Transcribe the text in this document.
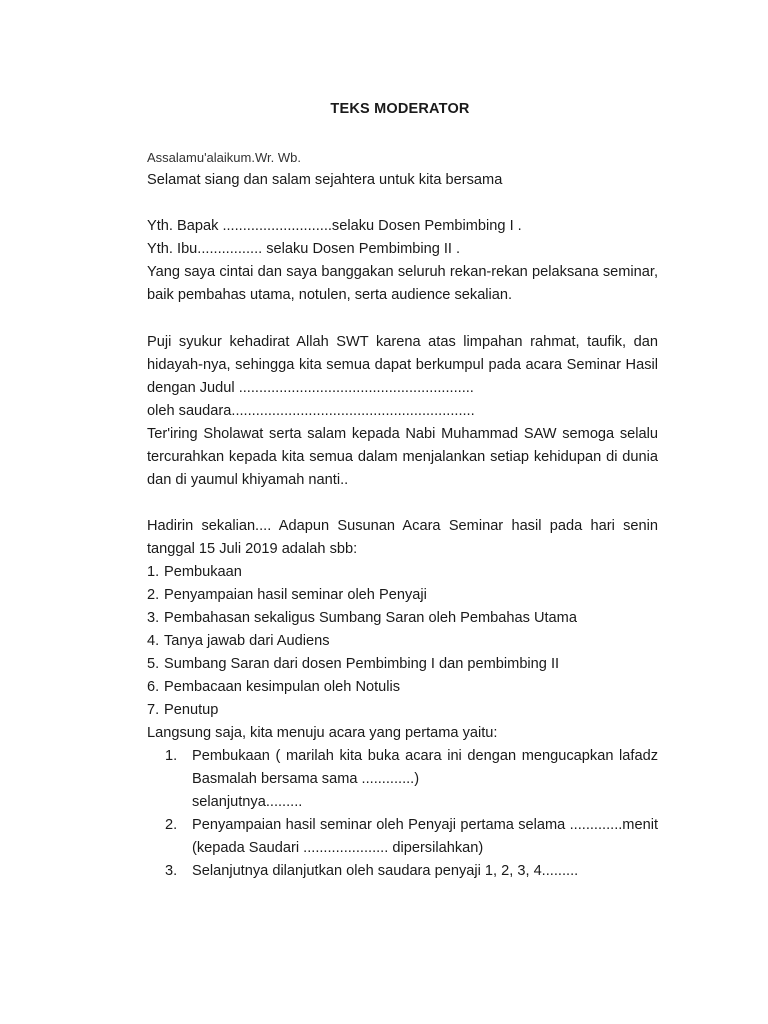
TEKS MODERATOR
Assalamu'alaikum.Wr. Wb.
Selamat siang dan salam sejahtera untuk kita bersama
Yth. Bapak ...........................selaku Dosen Pembimbing I .
Yth. Ibu................ selaku Dosen Pembimbing II .
Yang saya cintai dan saya banggakan seluruh rekan-rekan pelaksana seminar,
baik pembahas utama, notulen, serta audience sekalian.
Puji syukur kehadirat Allah SWT karena atas limpahan rahmat, taufik, dan
hidayah-nya, sehingga kita semua dapat berkumpul pada acara Seminar Hasil
dengan Judul ..........................................................
oleh saudara............................................................
Ter'iring Sholawat serta salam kepada Nabi Muhammad SAW semoga selalu
tercurahkan kepada kita semua dalam menjalankan setiap kehidupan di dunia
dan di yaumul khiyamah nanti..
Hadirin sekalian.... Adapun Susunan Acara Seminar hasil pada hari senin
tanggal 15 Juli 2019 adalah sbb:
1. Pembukaan
2. Penyampaian hasil seminar oleh Penyaji
3. Pembahasan sekaligus Sumbang Saran oleh Pembahas Utama
4. Tanya jawab dari Audiens
5. Sumbang Saran dari dosen Pembimbing I dan pembimbing II
6. Pembacaan kesimpulan oleh Notulis
7. Penutup
Langsung saja, kita menuju acara yang pertama yaitu:
1. Pembukaan ( marilah kita buka acara ini dengan mengucapkan lafadz
Basmalah bersama sama .............)
selanjutnya.........
2. Penyampaian hasil seminar oleh Penyaji pertama selama .............menit
(kepada Saudari ..................... dipersilahkan)
3. Selanjutnya dilanjutkan oleh saudara penyaji 1, 2, 3, 4.........
